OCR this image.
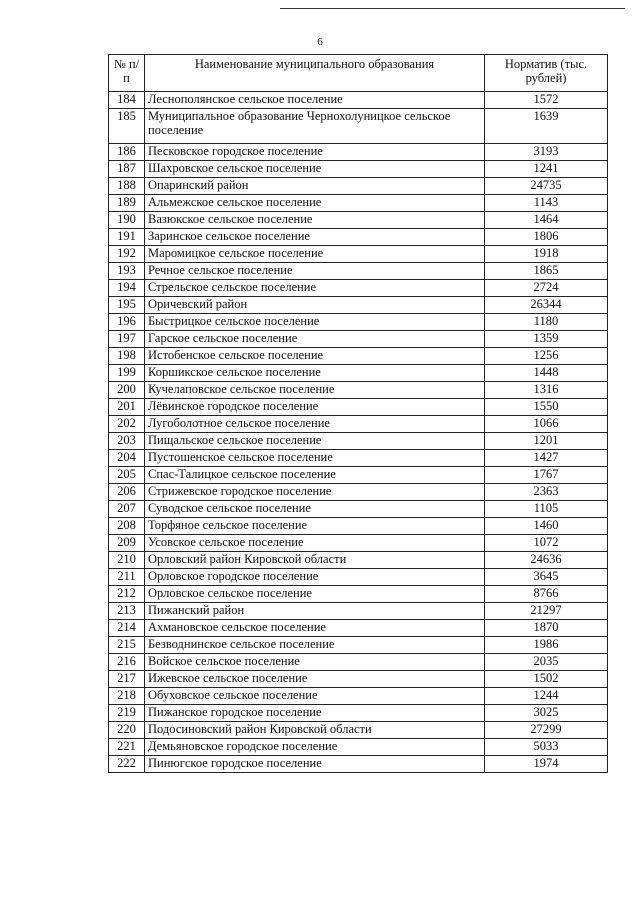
6
№ п/п	Наименование муниципального образования	Норматив (тыс. рублей)
184	Леснополянское сельское поселение	1572
185	Муниципальное образование Чернохолуницкое сельское поселение	1639
186	Песковское городское поселение	3193
187	Шахровское сельское поселение	1241
188	Опаринский район	24735
189	Альмежское сельское поселение	1143
190	Вазюкское сельское поселение	1464
191	Заринское сельское поселение	1806
192	Маромицкое сельское поселение	1918
193	Речное сельское поселение	1865
194	Стрельское сельское поселение	2724
195	Оричевский район	26344
196	Быстрицкое сельское поселение	1180
197	Гарское сельское поселение	1359
198	Истобенское сельское поселение	1256
199	Коршикское сельское поселение	1448
200	Кучелаповское сельское поселение	1316
201	Лёвинское городское поселение	1550
202	Лугоболотное сельское поселение	1066
203	Пищальское сельское поселение	1201
204	Пустошенское сельское поселение	1427
205	Спас-Талицкое сельское поселение	1767
206	Стрижевское городское поселение	2363
207	Суводское сельское поселение	1105
208	Торфяное сельское поселение	1460
209	Усовское сельское поселение	1072
210	Орловский район Кировской области	24636
211	Орловское городское поселение	3645
212	Орловское сельское поселение	8766
213	Пижанский район	21297
214	Ахмановское сельское поселение	1870
215	Безводнинское сельское поселение	1986
216	Войское сельское поселение	2035
217	Ижевское сельское поселение	1502
218	Обуховское сельское поселение	1244
219	Пижанское городское поселение	3025
220	Подосиновский район Кировской области	27299
221	Демьяновское городское поселение	5033
222	Пинюгское городское поселение	1974
